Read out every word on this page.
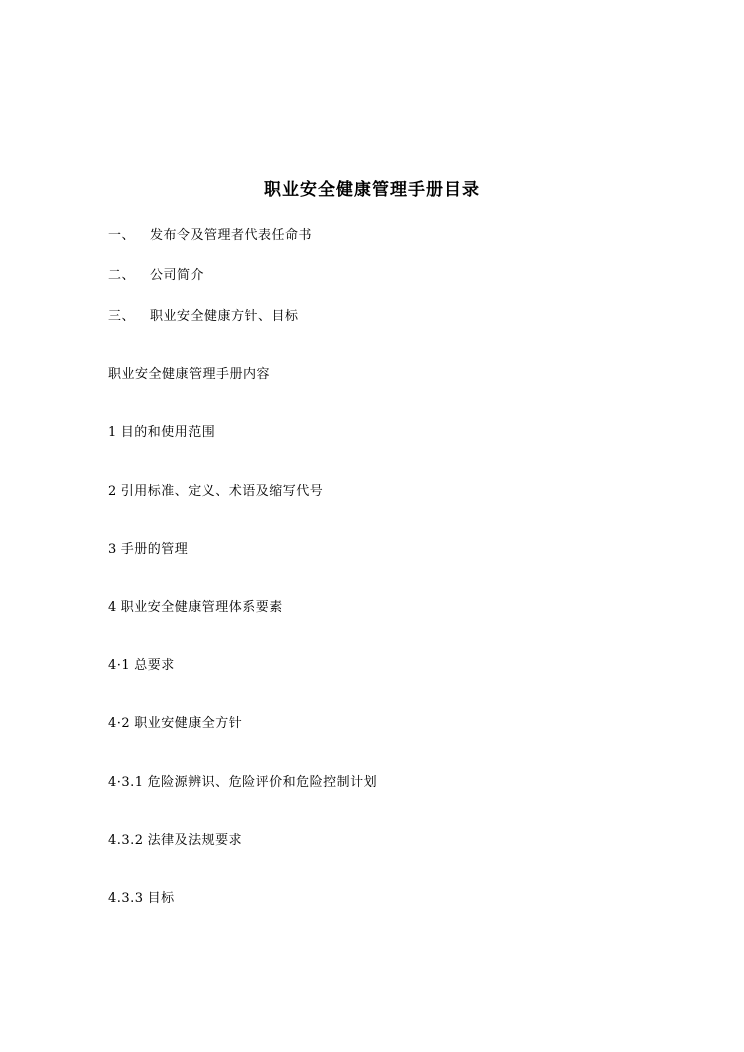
职业安全健康管理手册目录
一、 发布令及管理者代表任命书
二、 公司简介
三、 职业安全健康方针、目标
职业安全健康管理手册内容
1 目的和使用范围
2 引用标准、定义、术语及缩写代号
3 手册的管理
4 职业安全健康管理体系要素
4·1 总要求
4·2 职业安健康全方针
4·3.1 危险源辨识、危险评价和危险控制计划
4.3.2 法律及法规要求
4.3.3 目标
